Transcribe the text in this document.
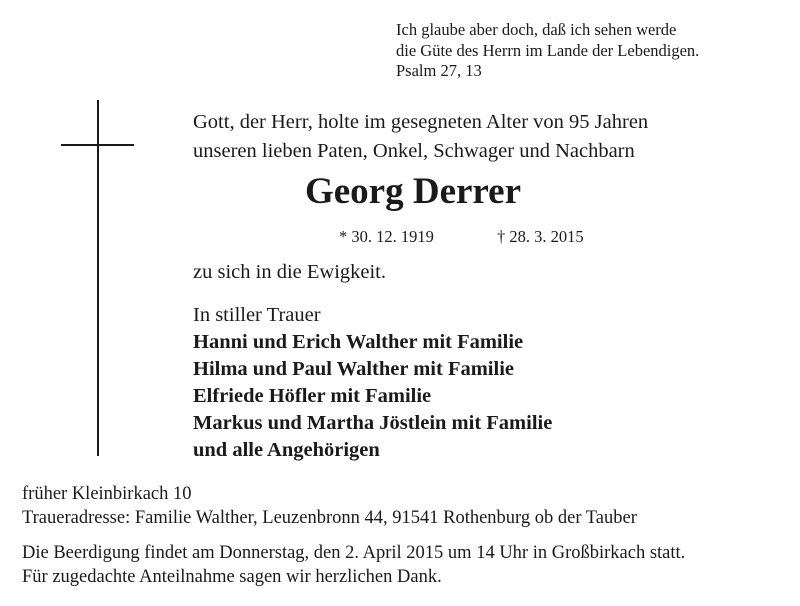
Ich glaube aber doch, daß ich sehen werde
die Güte des Herrn im Lande der Lebendigen.
Psalm 27, 13
Gott, der Herr, holte im gesegneten Alter von 95 Jahren
unseren lieben Paten, Onkel, Schwager und Nachbarn
Georg Derrer
* 30. 12. 1919	† 28. 3. 2015
zu sich in die Ewigkeit.
In stiller Trauer
Hanni und Erich Walther mit Familie
Hilma und Paul Walther mit Familie
Elfriede Höfler mit Familie
Markus und Martha Jöstlein mit Familie
und alle Angehörigen
früher Kleinbirkach 10
Traueradresse: Familie Walther, Leuzenbronn 44, 91541 Rothenburg ob der Tauber
Die Beerdigung findet am Donnerstag, den 2. April 2015 um 14 Uhr in Großbirkach statt.
Für zugedachte Anteilnahme sagen wir herzlichen Dank.
